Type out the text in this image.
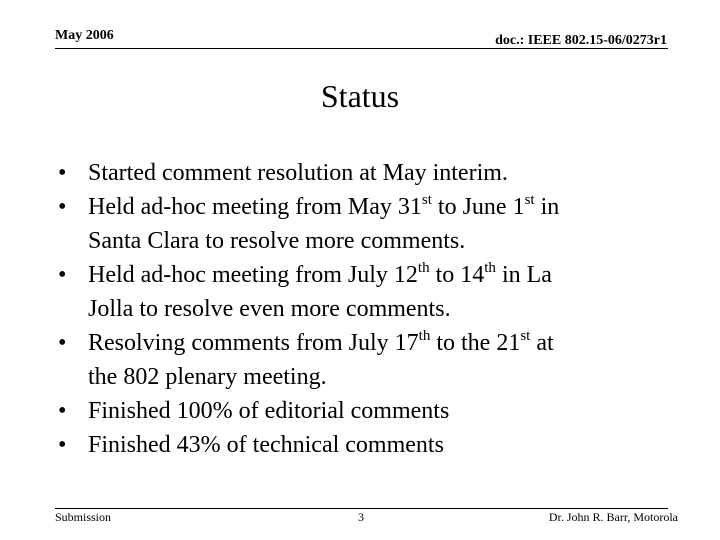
May 2006	doc.: IEEE 802.15-06/0273r1
Status
• Started comment resolution at May interim.
• Held ad-hoc meeting from May 31st to June 1st in
Santa Clara to resolve more comments.
• Held ad-hoc meeting from July 12th to 14th in La
Jolla to resolve even more comments.
• Resolving comments from July 17th to the 21st at
the 802 plenary meeting.
• Finished 100% of editorial comments
• Finished 43% of technical comments
Submission	3	Dr. John R. Barr, Motorola
